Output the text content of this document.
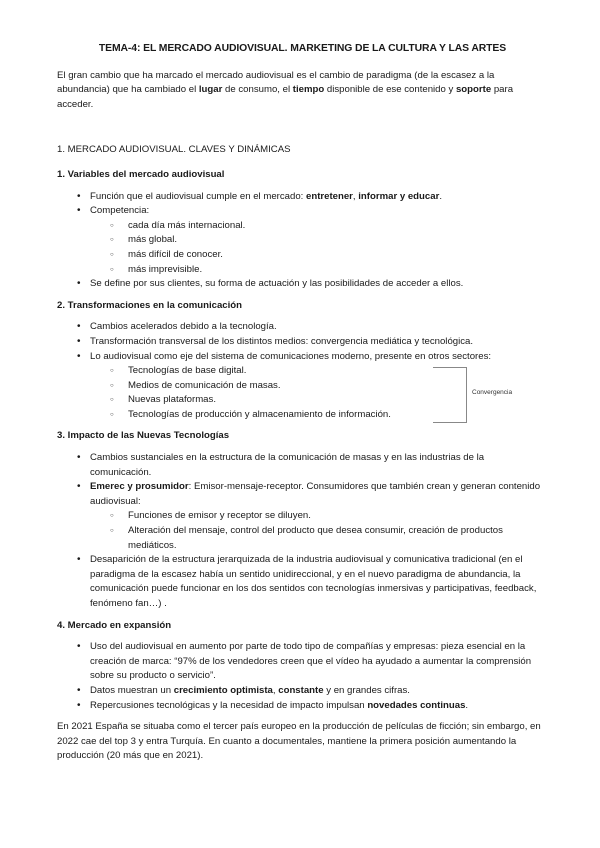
TEMA-4: EL MERCADO AUDIOVISUAL. MARKETING DE LA CULTURA Y LAS ARTES

El gran cambio que ha marcado el mercado audiovisual es el cambio de paradigma (de la escasez a la abundancia) que ha cambiado el lugar de consumo, el tiempo disponible de ese contenido y soporte para acceder.

1. MERCADO AUDIOVISUAL. CLAVES Y DINÁMICAS

1. Variables del mercado audiovisual

• Función que el audiovisual cumple en el mercado: entretener, informar y educar.
• Competencia:
○ cada día más internacional.
○ más global.
○ más difícil de conocer.
○ más imprevisible.
• Se define por sus clientes, su forma de actuación y las posibilidades de acceder a ellos.

2. Transformaciones en la comunicación

• Cambios acelerados debido a la tecnología.
• Transformación transversal de los distintos medios: convergencia mediática y tecnológica.
• Lo audiovisual como eje del sistema de comunicaciones moderno, presente en otros sectores:
○ Tecnologías de base digital.
○ Medios de comunicación de masas.
○ Nuevas plataformas.
○ Tecnologías de producción y almacenamiento de información.
Convergencia

3. Impacto de las Nuevas Tecnologías

• Cambios sustanciales en la estructura de la comunicación de masas y en las industrias de la comunicación.
• Emerec y prosumidor: Emisor-mensaje-receptor. Consumidores que también crean y generan contenido audiovisual:
○ Funciones de emisor y receptor se diluyen.
○ Alteración del mensaje, control del producto que desea consumir, creación de productos mediáticos.
• Desaparición de la estructura jerarquizada de la industria audiovisual y comunicativa tradicional (en el paradigma de la escasez había un sentido unidireccional, y en el nuevo paradigma de abundancia, la comunicación puede funcionar en los dos sentidos con tecnologías inmersivas y participativas, feedback, fenómeno fan…) .

4. Mercado en expansión

• Uso del audiovisual en aumento por parte de todo tipo de compañías y empresas: pieza esencial en la creación de marca: “97% de los vendedores creen que el vídeo ha ayudado a aumentar la comprensión sobre su producto o servicio”.
• Datos muestran un crecimiento optimista, constante y en grandes cifras.
• Repercusiones tecnológicas y la necesidad de impacto impulsan novedades continuas.

En 2021 España se situaba como el tercer país europeo en la producción de películas de ficción; sin embargo, en 2022 cae del top 3 y entra Turquía. En cuanto a documentales, mantiene la primera posición aumentando la producción (20 más que en 2021).
